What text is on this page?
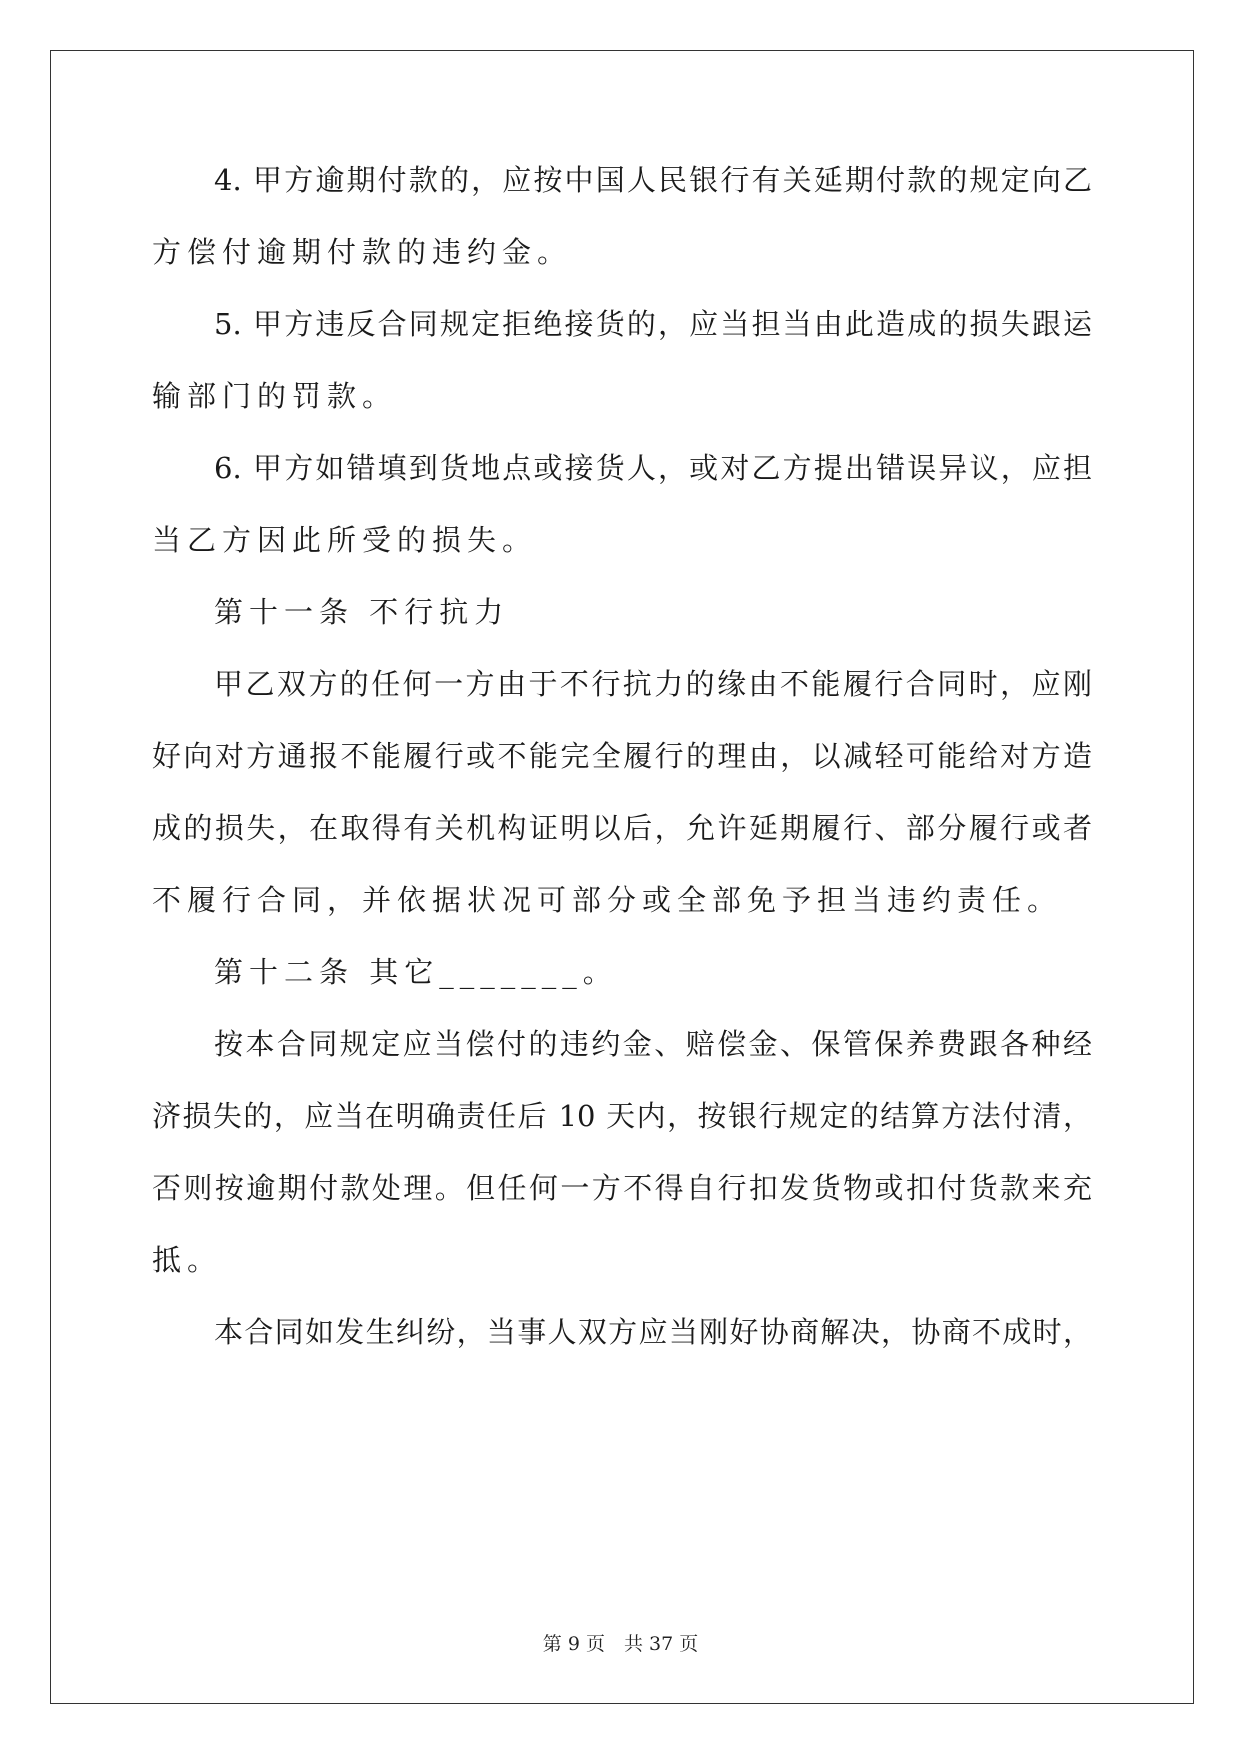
4. 甲方逾期付款的，应按中国人民银行有关延期付款的规定向乙
方偿付逾期付款的违约金。
5. 甲方违反合同规定拒绝接货的，应当担当由此造成的损失跟运
输部门的罚款。
6. 甲方如错填到货地点或接货人，或对乙方提出错误异议，应担
当乙方因此所受的损失。
第十一条 不行抗力
甲乙双方的任何一方由于不行抗力的缘由不能履行合同时，应刚
好向对方通报不能履行或不能完全履行的理由，以减轻可能给对方造
成的损失，在取得有关机构证明以后，允许延期履行、部分履行或者
不履行合同，并依据状况可部分或全部免予担当违约责任。
第十二条 其它_______。
按本合同规定应当偿付的违约金、赔偿金、保管保养费跟各种经
济损失的，应当在明确责任后 10 天内，按银行规定的结算方法付清，
否则按逾期付款处理。但任何一方不得自行扣发货物或扣付货款来充
抵。
本合同如发生纠纷，当事人双方应当刚好协商解决，协商不成时，
第 9 页　共 37 页
